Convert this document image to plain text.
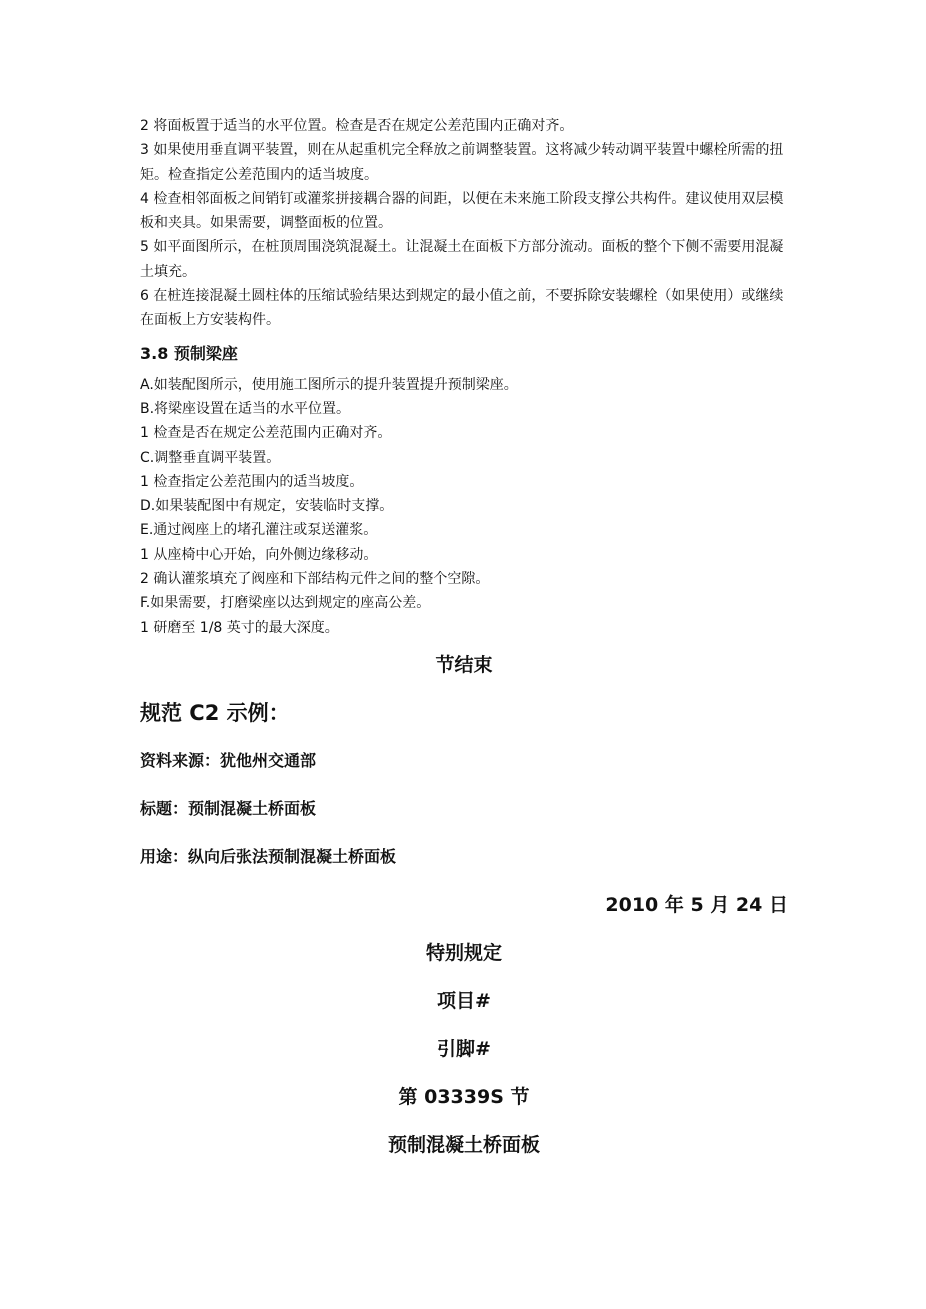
2 将面板置于适当的水平位置。检查是否在规定公差范围内正确对齐。

3 如果使用垂直调平装置，则在从起重机完全释放之前调整装置。这将减少转动调平装置中螺栓所需的扭矩。检查指定公差范围内的适当坡度。

4 检查相邻面板之间销钉或灌浆拼接耦合器的间距，以便在未来施工阶段支撑公共构件。建议使用双层模板和夹具。如果需要，调整面板的位置。

5 如平面图所示，在桩顶周围浇筑混凝土。让混凝土在面板下方部分流动。面板的整个下侧不需要用混凝土填充。

6 在桩连接混凝土圆柱体的压缩试验结果达到规定的最小值之前，不要拆除安装螺栓（如果使用）或继续在面板上方安装构件。

3.8 预制梁座

A.如装配图所示，使用施工图所示的提升装置提升预制梁座。

B.将梁座设置在适当的水平位置。

1 检查是否在规定公差范围内正确对齐。

C.调整垂直调平装置。

1 检查指定公差范围内的适当坡度。

D.如果装配图中有规定，安装临时支撑。

E.通过阀座上的堵孔灌注或泵送灌浆。

1 从座椅中心开始，向外侧边缘移动。

2 确认灌浆填充了阀座和下部结构元件之间的整个空隙。

F.如果需要，打磨梁座以达到规定的座高公差。

1 研磨至 1/8 英寸的最大深度。

节结束
规范 C2 示例：
资料来源：犹他州交通部
标题：预制混凝土桥面板
用途：纵向后张法预制混凝土桥面板
2010 年 5 月 24 日
特别规定
项目#
引脚#
第 03339S 节
预制混凝土桥面板
